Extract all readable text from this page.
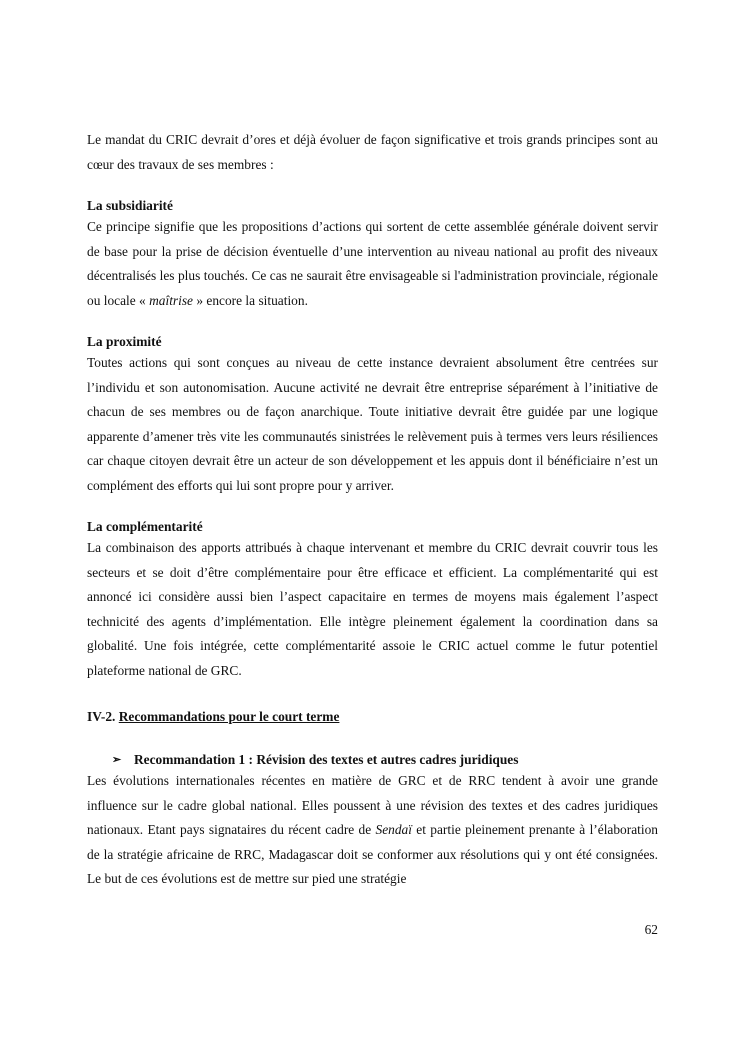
Le mandat du CRIC devrait d’ores et déjà évoluer de façon significative et trois grands principes sont au cœur des travaux de ses membres :

La subsidiarité

Ce principe signifie que les propositions d’actions qui sortent de cette assemblée générale doivent servir de base pour la prise de décision éventuelle d’une intervention au niveau national au profit des niveaux décentralisés les plus touchés. Ce cas ne saurait être envisageable si l'administration provinciale, régionale ou locale « maîtrise » encore la situation.

La proximité

Toutes actions qui sont conçues au niveau de cette instance devraient absolument être centrées sur l’individu et son autonomisation. Aucune activité ne devrait être entreprise séparément à l’initiative de chacun de ses membres ou de façon anarchique. Toute initiative devrait être guidée par une logique apparente d’amener très vite les communautés sinistrées le relèvement puis à termes vers leurs résiliences car chaque citoyen devrait être un acteur de son développement et les appuis dont il bénéficiaire n’est un complément des efforts qui lui sont propre pour y arriver.

La complémentarité

La combinaison des apports attribués à chaque intervenant et membre du CRIC devrait couvrir tous les secteurs et se doit d’être complémentaire pour être efficace et efficient. La complémentarité qui est annoncé ici considère aussi bien l’aspect capacitaire en termes de moyens mais également l’aspect technicité des agents d’implémentation. Elle intègre pleinement également la coordination dans sa globalité. Une fois intégrée, cette complémentarité assoie le CRIC actuel comme le futur potentiel plateforme national de GRC.

IV-2. Recommandations pour le court terme

➢ Recommandation 1 : Révision des textes et autres cadres juridiques

Les évolutions internationales récentes en matière de GRC et de RRC tendent à avoir une grande influence sur le cadre global national. Elles poussent à une révision des textes et des cadres juridiques nationaux. Etant pays signataires du récent cadre de Sendaï et partie pleinement prenante à l’élaboration de la stratégie africaine de RRC, Madagascar doit se conformer aux résolutions qui y ont été consignées. Le but de ces évolutions est de mettre sur pied une stratégie

62
